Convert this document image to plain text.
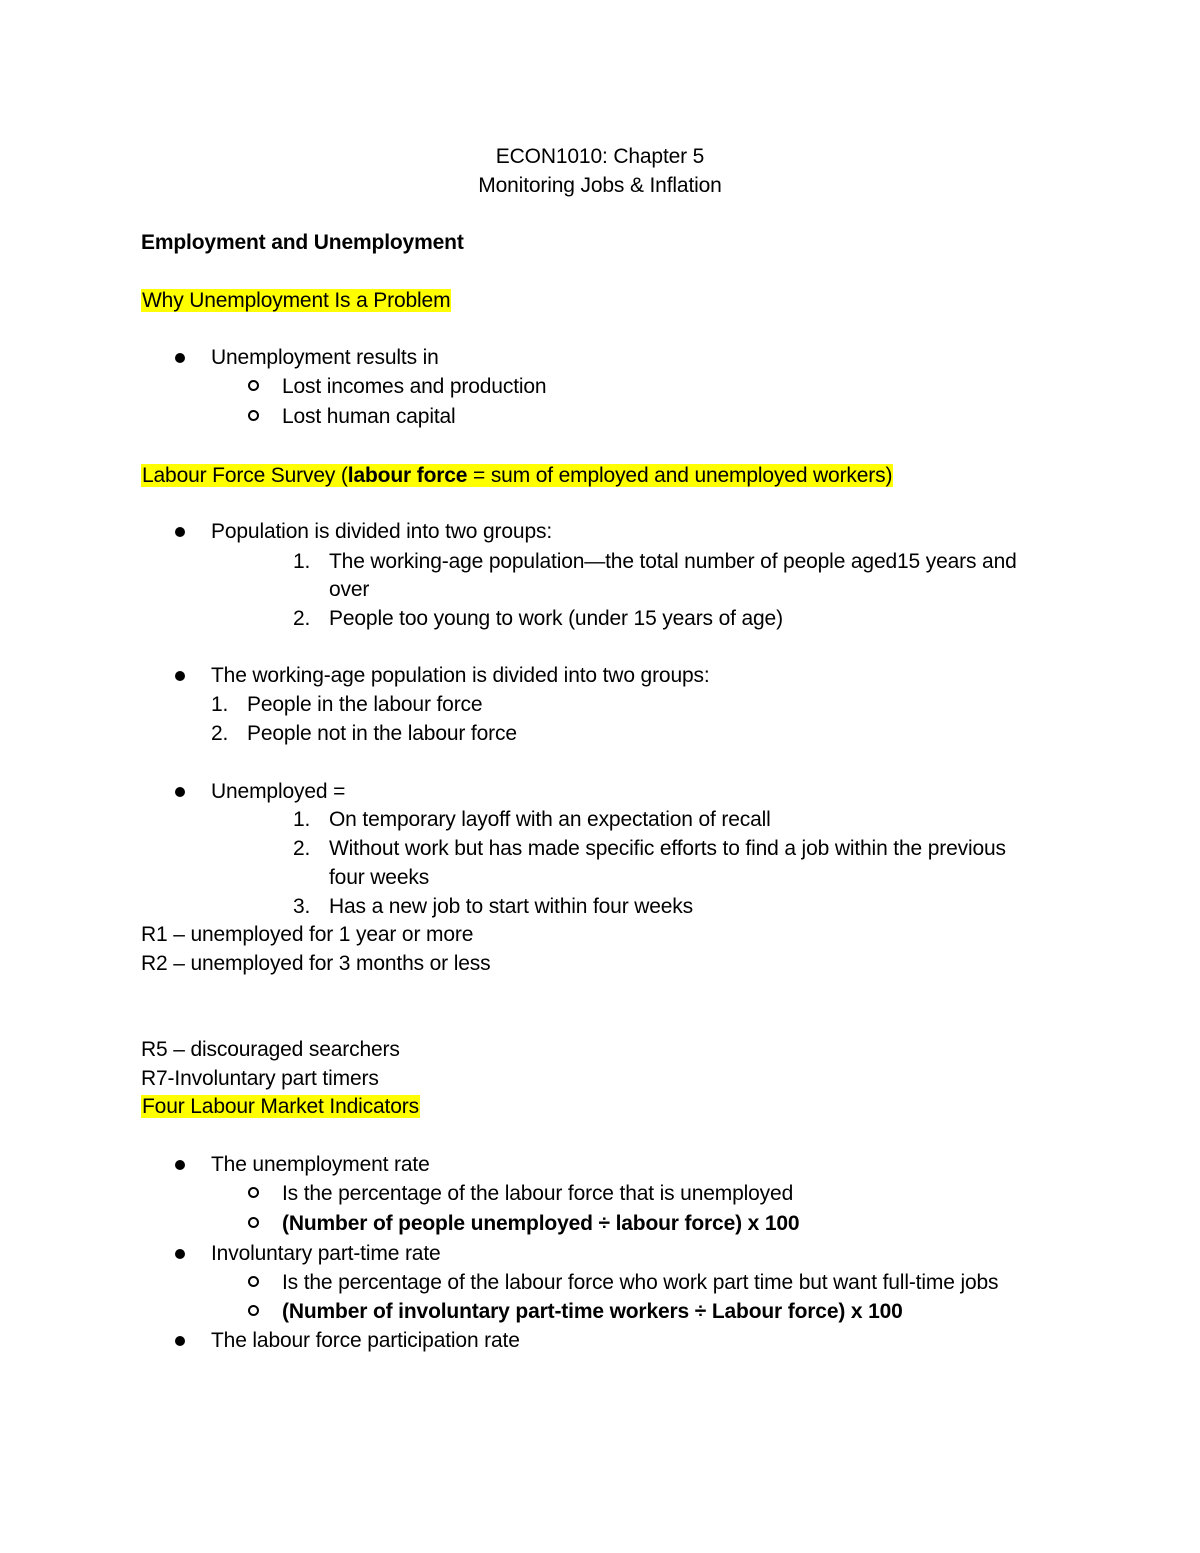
ECON1010: Chapter 5
Monitoring Jobs & Inflation
Employment and Unemployment
Why Unemployment Is a Problem
Unemployment results in
Lost incomes and production
Lost human capital
Labour Force Survey (labour force = sum of employed and unemployed workers)
Population is divided into two groups:
1. The working-age population—the total number of people aged15 years and
over
2. People too young to work (under 15 years of age)
The working-age population is divided into two groups:
1. People in the labour force
2. People not in the labour force
Unemployed =
1. On temporary layoff with an expectation of recall
2. Without work but has made specific efforts to find a job within the previous
four weeks
3. Has a new job to start within four weeks
R1 – unemployed for 1 year or more
R2 – unemployed for 3 months or less
R5 – discouraged searchers
R7-Involuntary part timers
Four Labour Market Indicators
The unemployment rate
Is the percentage of the labour force that is unemployed
(Number of people unemployed ÷ labour force) x 100
Involuntary part-time rate
Is the percentage of the labour force who work part time but want full-time jobs
(Number of involuntary part-time workers ÷ Labour force) x 100
The labour force participation rate
